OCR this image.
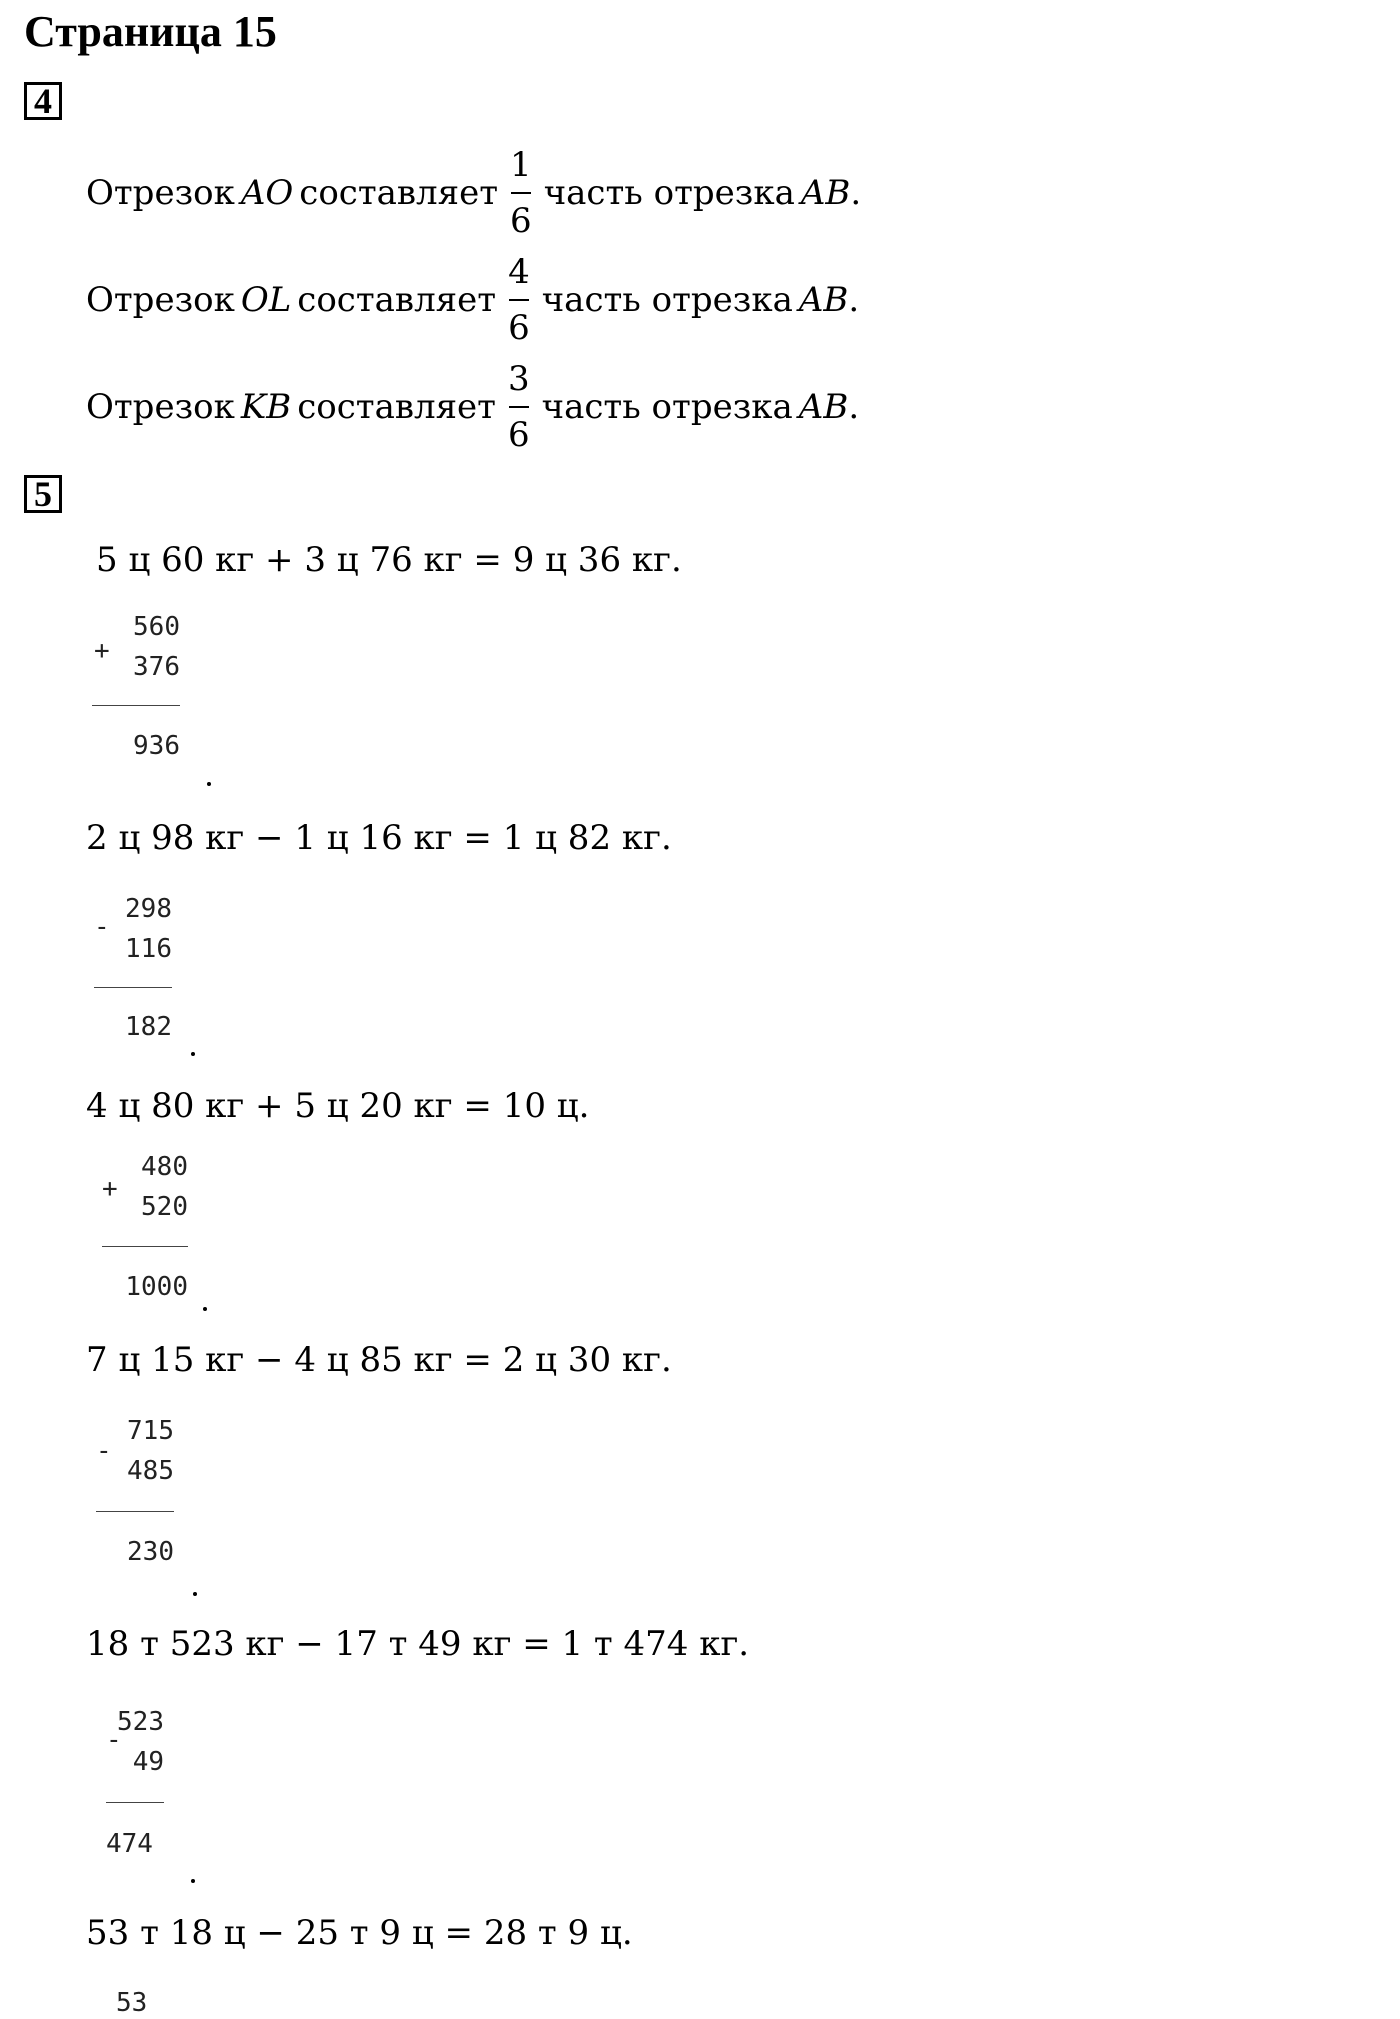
Страница 15
4
Отрезок AO составляет $\frac{1}{6}$ часть отрезка AB .
Отрезок OL составляет $\frac{4}{6}$ часть отрезка AB .
Отрезок KB составляет $\frac{3}{6}$ часть отрезка AB .
5
5 ц 60 кг + 3 ц 76 кг = 9 ц 36 кг.
+
560
376
936
2 ц 98 кг − 1 ц 16 кг = 1 ц 82 кг.
-
298
116
182
4 ц 80 кг + 5 ц 20 кг = 10 ц.
+
480
520
1000
7 ц 15 кг − 4 ц 85 кг = 2 ц 30 кг.
-
715
485
230
18 т 523 кг − 17 т 49 кг = 1 т 474 кг.
-
523
49
474
53 т 18 ц − 25 т 9 ц = 28 т 9 ц.
53
